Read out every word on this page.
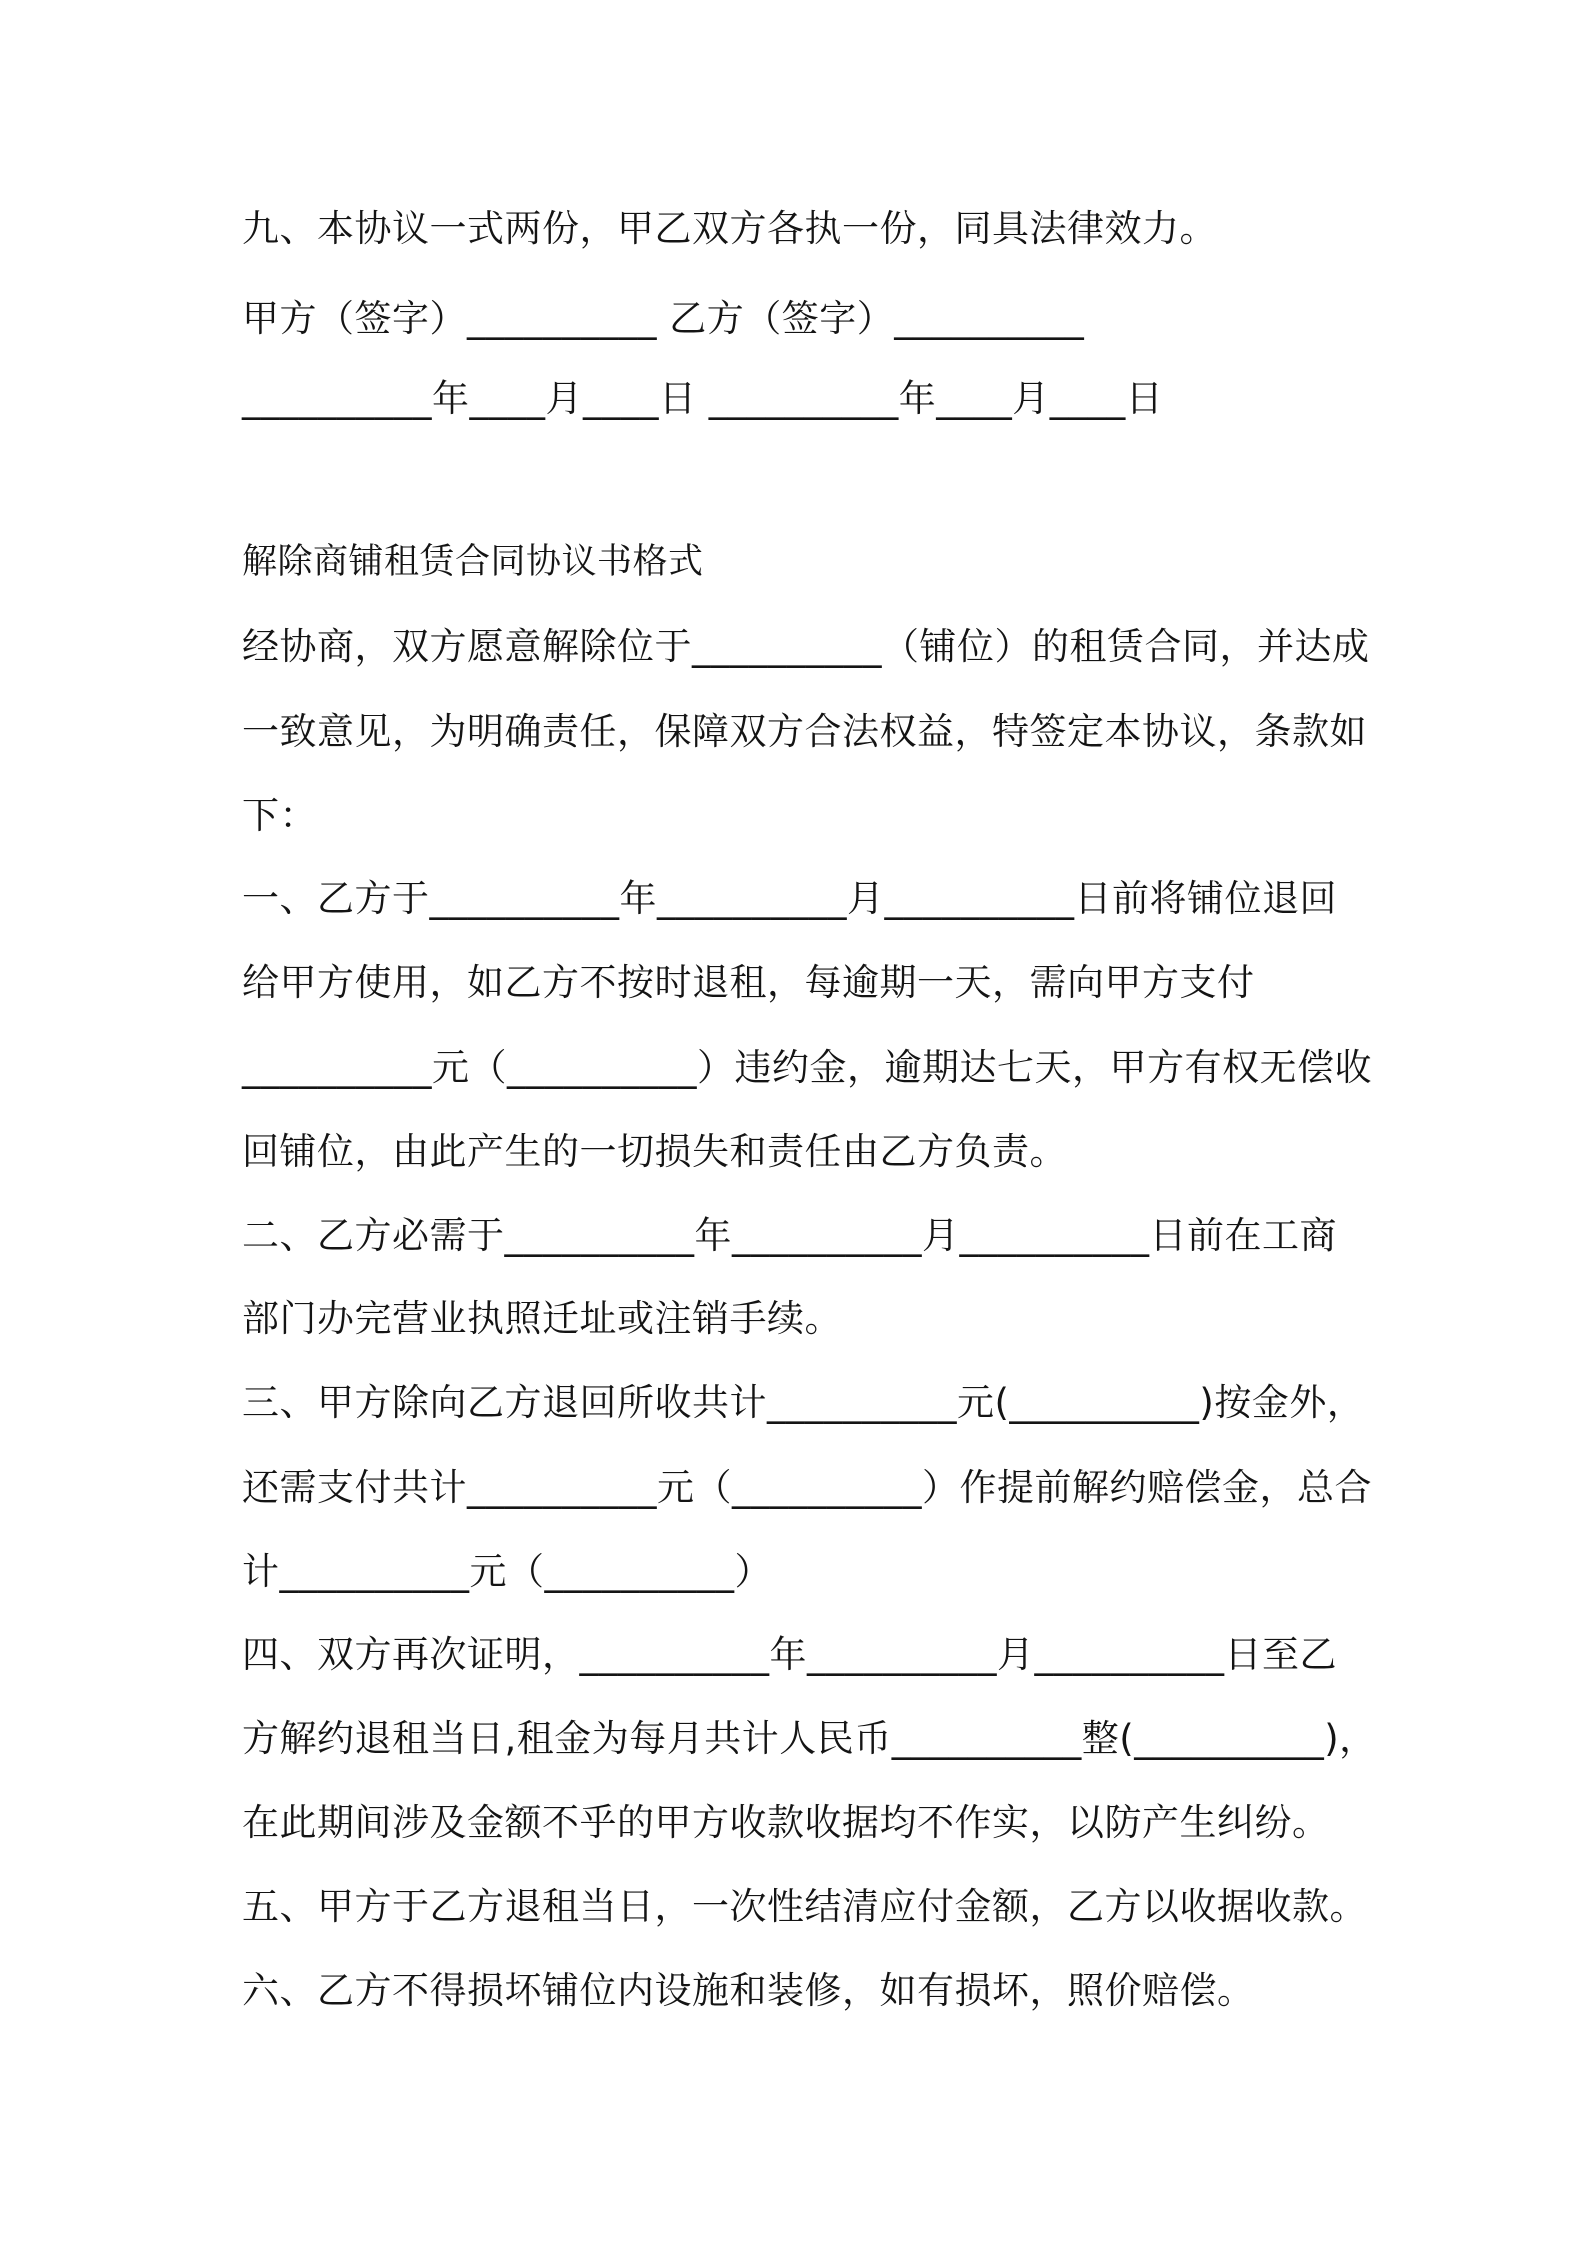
九、本协议一式两份，甲乙双方各执一份，同具法律效力。

甲方（签字）__________ 乙方（签字）__________

__________年____月____日 __________年____月____日

解除商铺租赁合同协议书格式

经协商，双方愿意解除位于__________（铺位）的租赁合同，并达成

一致意见，为明确责任，保障双方合法权益，特签定本协议，条款如

下：

一、乙方于__________年__________月__________日前将铺位退回

给甲方使用，如乙方不按时退租，每逾期一天，需向甲方支付

__________元（__________）违约金，逾期达七天，甲方有权无偿收

回铺位，由此产生的一切损失和责任由乙方负责。

二、乙方必需于__________年__________月__________日前在工商

部门办完营业执照迁址或注销手续。

三、甲方除向乙方退回所收共计__________元(__________)按金外，

还需支付共计__________元（__________）作提前解约赔偿金，总合

计__________元（__________）

四、双方再次证明，__________年__________月__________日至乙

方解约退租当日,租金为每月共计人民币__________整(__________)，

在此期间涉及金额不乎的甲方收款收据均不作实，以防产生纠纷。

五、甲方于乙方退租当日，一次性结清应付金额，乙方以收据收款。

六、乙方不得损坏铺位内设施和装修，如有损坏，照价赔偿。
